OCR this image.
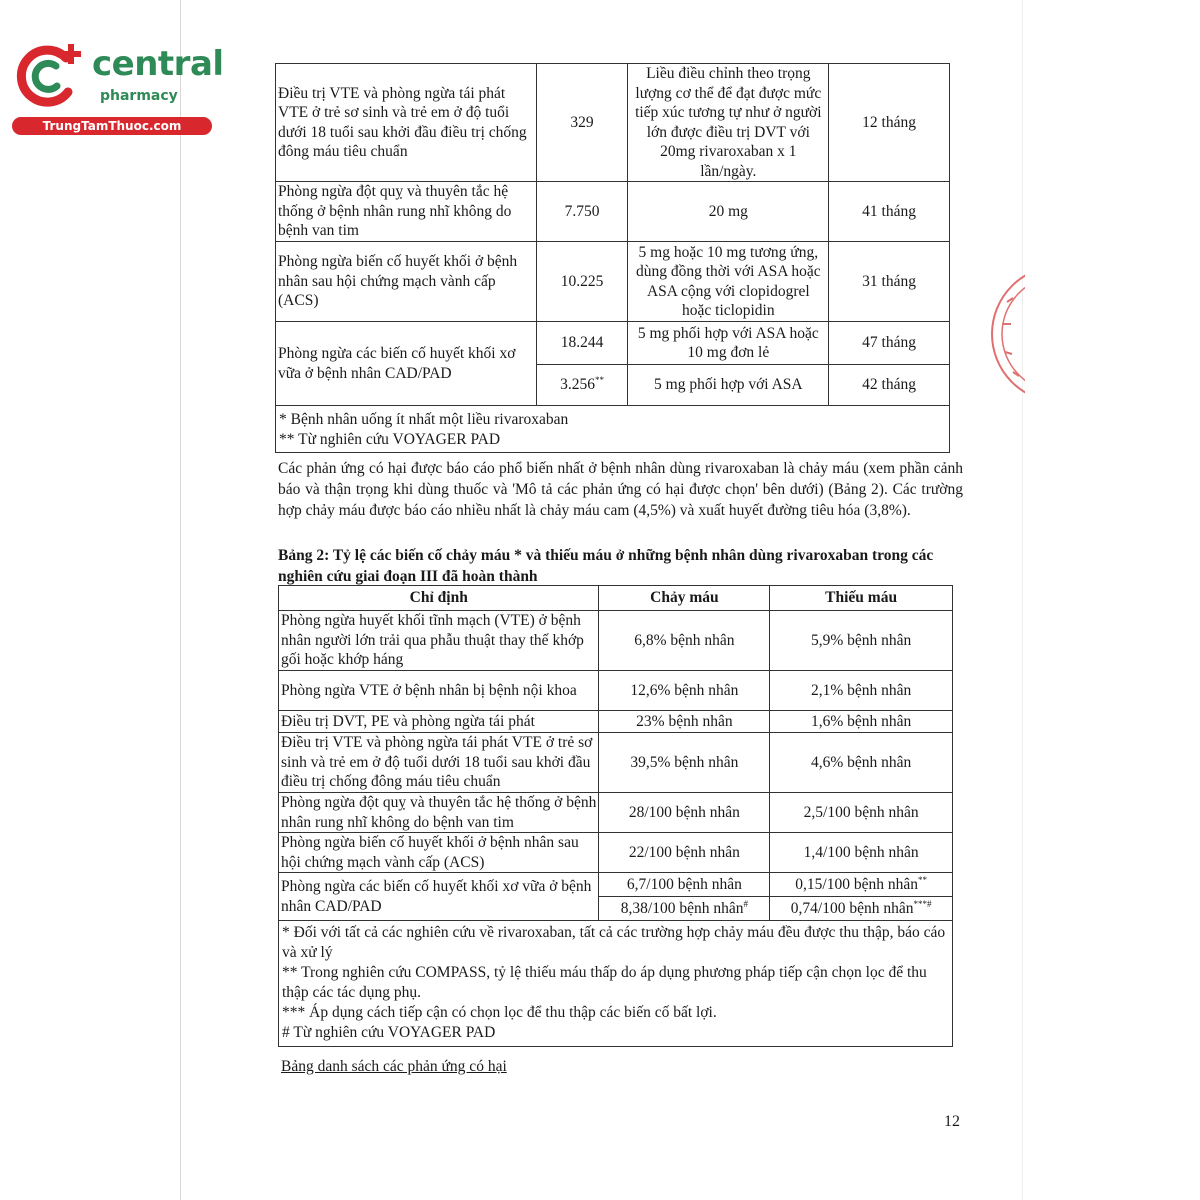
central
pharmacy
TrungTamThuoc.com
Điều trị VTE và phòng ngừa tái phát VTE ở trẻ sơ sinh và trẻ em ở độ tuổi dưới 18 tuổi sau khởi đầu điều trị chống đông máu tiêu chuẩn	329	Liều điều chỉnh theo trọng lượng cơ thể để đạt được mức tiếp xúc tương tự như ở người lớn được điều trị DVT với 20mg rivaroxaban x 1 lần/ngày.	12 tháng
Phòng ngừa đột quỵ và thuyên tắc hệ thống ở bệnh nhân rung nhĩ không do bệnh van tim	7.750	20 mg	41 tháng
Phòng ngừa biến cố huyết khối ở bệnh nhân sau hội chứng mạch vành cấp (ACS)	10.225	5 mg hoặc 10 mg tương ứng, dùng đồng thời với ASA hoặc ASA cộng với clopidogrel hoặc ticlopidin	31 tháng
Phòng ngừa các biến cố huyết khối xơ vữa ở bệnh nhân CAD/PAD	18.244	5 mg phối hợp với ASA hoặc 10 mg đơn lẻ	47 tháng
	3.256**	5 mg phối hợp với ASA	42 tháng

* Bệnh nhân uống ít nhất một liều rivaroxaban
** Từ nghiên cứu VOYAGER PAD			

Các phản ứng có hại được báo cáo phổ biến nhất ở bệnh nhân dùng rivaroxaban là chảy máu (xem phần cảnh báo và thận trọng khi dùng thuốc và 'Mô tả các phản ứng có hại được chọn' bên dưới) (Bảng 2). Các trường hợp chảy máu được báo cáo nhiều nhất là chảy máu cam (4,5%) và xuất huyết đường tiêu hóa (3,8%).

Bảng 2: Tỷ lệ các biến cố chảy máu * và thiếu máu ở những bệnh nhân dùng rivaroxaban trong các nghiên cứu giai đoạn III đã hoàn thành

Chỉ định	Chảy máu	Thiếu máu
Phòng ngừa huyết khối tĩnh mạch (VTE) ở bệnh nhân người lớn trải qua phẫu thuật thay thế khớp gối hoặc khớp háng	6,8% bệnh nhân	5,9% bệnh nhân
Phòng ngừa VTE ở bệnh nhân bị bệnh nội khoa	12,6% bệnh nhân	2,1% bệnh nhân
Điều trị DVT, PE và phòng ngừa tái phát	23% bệnh nhân	1,6% bệnh nhân
Điều trị VTE và phòng ngừa tái phát VTE ở trẻ sơ sinh và trẻ em ở độ tuổi dưới 18 tuổi sau khởi đầu điều trị chống đông máu tiêu chuẩn	39,5% bệnh nhân	4,6% bệnh nhân
Phòng ngừa đột quỵ và thuyên tắc hệ thống ở bệnh nhân rung nhĩ không do bệnh van tim	28/100 bệnh nhân	2,5/100 bệnh nhân
Phòng ngừa biến cố huyết khối ở bệnh nhân sau hội chứng mạch vành cấp (ACS)	22/100 bệnh nhân	1,4/100 bệnh nhân
Phòng ngừa các biến cố huyết khối xơ vữa ở bệnh nhân CAD/PAD	6,7/100 bệnh nhân	0,15/100 bệnh nhân**
	8,38/100 bệnh nhân#	0,74/100 bệnh nhân***#

* Đối với tất cả các nghiên cứu về rivaroxaban, tất cả các trường hợp chảy máu đều được thu thập, báo cáo và xử lý
** Trong nghiên cứu COMPASS, tỷ lệ thiếu máu thấp do áp dụng phương pháp tiếp cận chọn lọc để thu thập các tác dụng phụ.
*** Áp dụng cách tiếp cận có chọn lọc để thu thập các biến cố bất lợi.
# Từ nghiên cứu VOYAGER PAD		

Bảng danh sách các phản ứng có hại

12
